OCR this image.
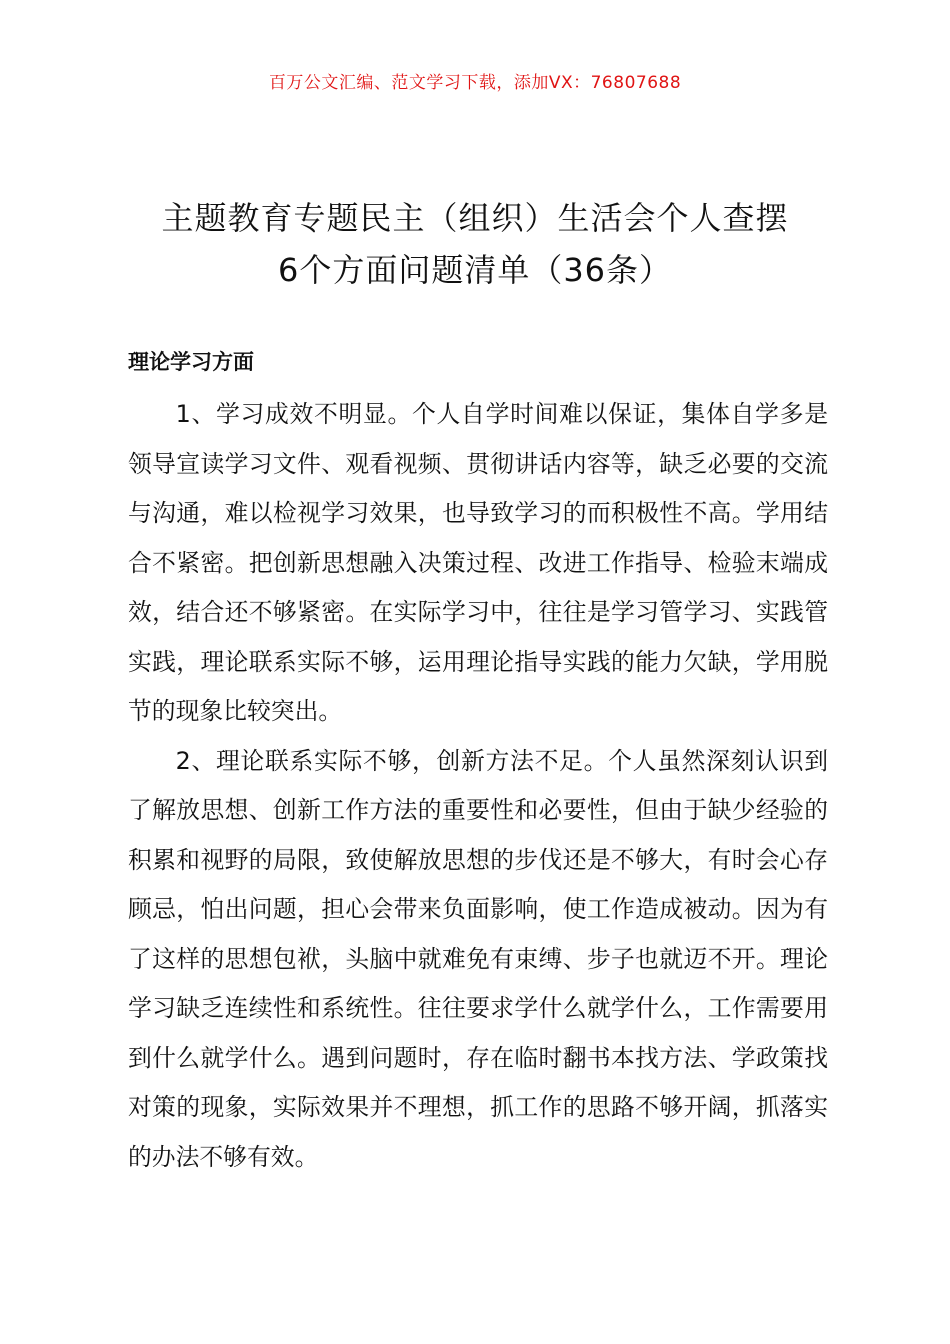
百万公文汇编、范文学习下载，添加VX：76807688
主题教育专题民主（组织）生活会个人查摆
6个方面问题清单（36条）
理论学习方面

1、学习成效不明显。个人自学时间难以保证，集体自学多是领导宣读学习文件、观看视频、贯彻讲话内容等，缺乏必要的交流与沟通，难以检视学习效果，也导致学习的而积极性不高。学用结合不紧密。把创新思想融入决策过程、改进工作指导、检验末端成效，结合还不够紧密。在实际学习中，往往是学习管学习、实践管实践，理论联系实际不够，运用理论指导实践的能力欠缺，学用脱节的现象比较突出。

2、理论联系实际不够，创新方法不足。个人虽然深刻认识到了解放思想、创新工作方法的重要性和必要性，但由于缺少经验的积累和视野的局限，致使解放思想的步伐还是不够大，有时会心存顾忌，怕出问题，担心会带来负面影响，使工作造成被动。因为有了这样的思想包袱，头脑中就难免有束缚、步子也就迈不开。理论学习缺乏连续性和系统性。往往要求学什么就学什么，工作需要用到什么就学什么。遇到问题时，存在临时翻书本找方法、学政策找对策的现象，实际效果并不理想，抓工作的思路不够开阔，抓落实的办法不够有效。
